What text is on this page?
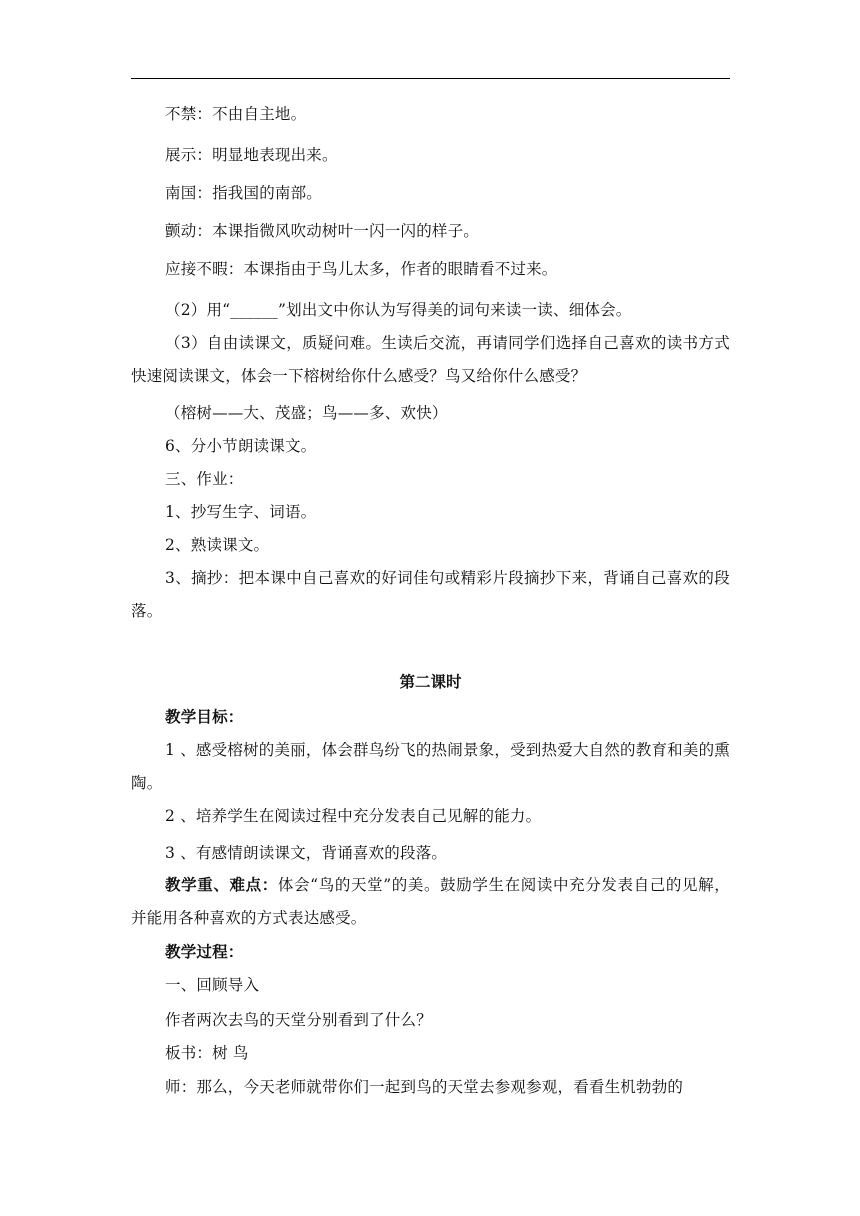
不禁：不由自主地。
展示：明显地表现出来。
南国：指我国的南部。
颤动：本课指微风吹动树叶一闪一闪的样子。
应接不暇：本课指由于鸟儿太多，作者的眼睛看不过来。
（2）用“______”划出文中你认为写得美的词句来读一读、细体会。
（3）自由读课文，质疑问难。生读后交流，再请同学们选择自己喜欢的读书方式快速阅读课文，体会一下榕树给你什么感受？鸟又给你什么感受？
（榕树——大、茂盛；鸟——多、欢快）
6、分小节朗读课文。
三、作业：
1、抄写生字、词语。
2、熟读课文。
3、摘抄：把本课中自己喜欢的好词佳句或精彩片段摘抄下来，背诵自己喜欢的段落。
第二课时
教学目标：
1 、感受榕树的美丽，体会群鸟纷飞的热闹景象，受到热爱大自然的教育和美的熏陶。
2 、培养学生在阅读过程中充分发表自己见解的能力。
3 、有感情朗读课文，背诵喜欢的段落。
教学重、难点：体会“鸟的天堂”的美。鼓励学生在阅读中充分发表自己的见解，并能用各种喜欢的方式表达感受。
教学过程：
一、回顾导入
作者两次去鸟的天堂分别看到了什么？
板书：树 鸟
师：那么，今天老师就带你们一起到鸟的天堂去参观参观，看看生机勃勃的
